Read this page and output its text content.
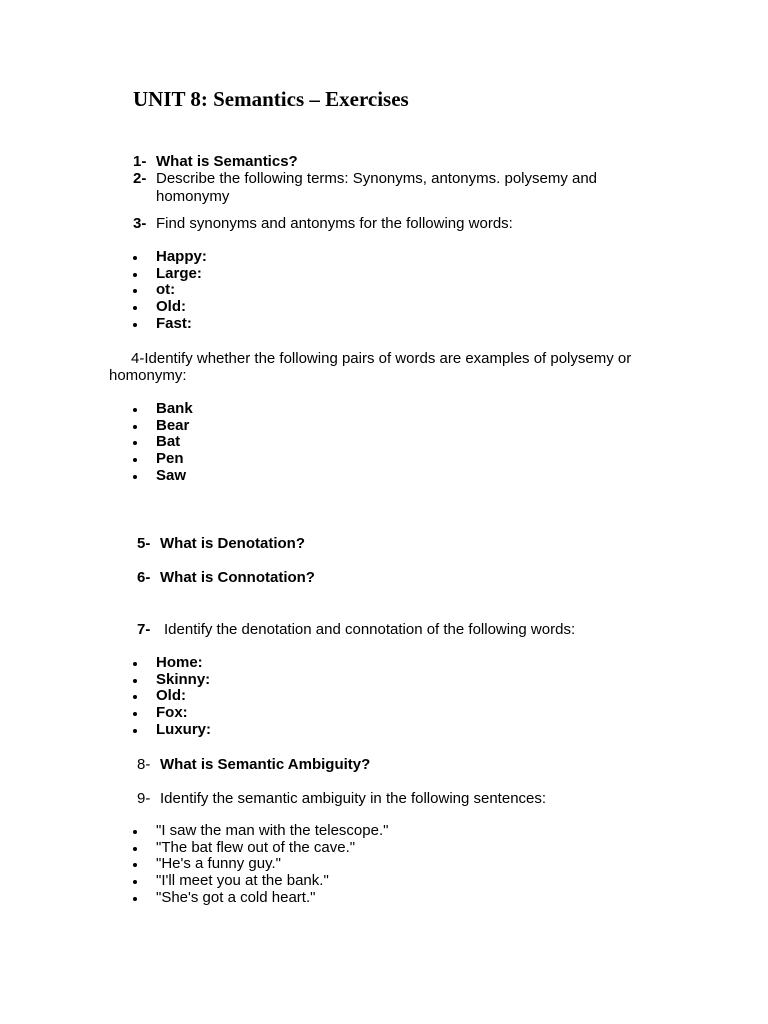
UNIT 8: Semantics – Exercises
1- What is Semantics?
2- Describe the following terms: Synonyms, antonyms. polysemy and
homonymy
3- Find synonyms and antonyms for the following words:
Happy:
Large:
ot:
Old:
Fast:
4-Identify whether the following pairs of words are examples of polysemy or
homonymy:
Bank
Bear
Bat
Pen
Saw
5- What is Denotation?
6- What is Connotation?
7- Identify the denotation and connotation of the following words:
Home:
Skinny:
Old:
Fox:
Luxury:
8- What is Semantic Ambiguity?
9- Identify the semantic ambiguity in the following sentences:
"I saw the man with the telescope."
"The bat flew out of the cave."
"He's a funny guy."
"I'll meet you at the bank."
"She's got a cold heart."
